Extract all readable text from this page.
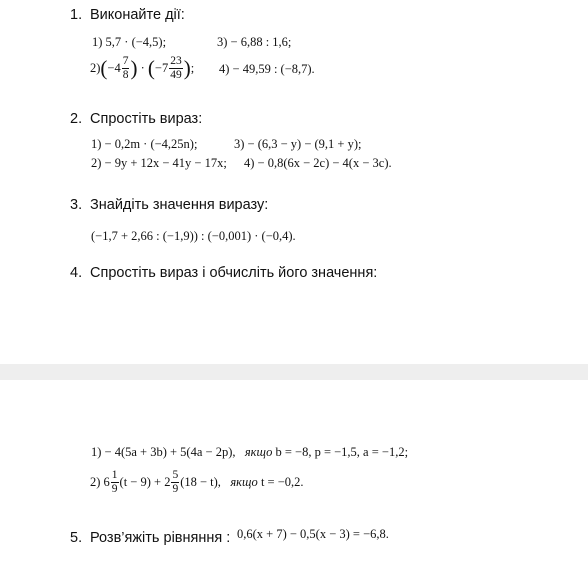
1. Виконайте дії:
1) 5,7 · (−4,5);	3) − 6,88 : 1,6;
2) ( $-4 \frac{7}{8}$ ) · ( $-7 \frac{23}{49}$ ) ; 4) − 49,59 : (−8,7).
2. Спростіть вираз:
1) − 0,2m · (−4,25n);	3) − (6,3 − y) − (9,1 + y);
2) − 9y + 12x − 41y − 17x; 4) − 0,8(6x − 2c) − 4(x − 3c).
3. Знайдіть значення виразу:
(−1,7 + 2,66 : (−1,9)) : (−0,001) · (−0,4).
4. Спростіть вираз і обчисліть його значення:
1) − 4(5a + 3b) + 5(4a − 2p), якщо b = −8, p = −1,5, a = −1,2;
2) $6 \frac{1}{9} (t - 9) + 2 \frac{5}{9} (18 - t)$,
якщо
t = −0,2.
5. Розв’яжіть рівняння : 0,6(x + 7) − 0,5(x − 3) = −6,8.
